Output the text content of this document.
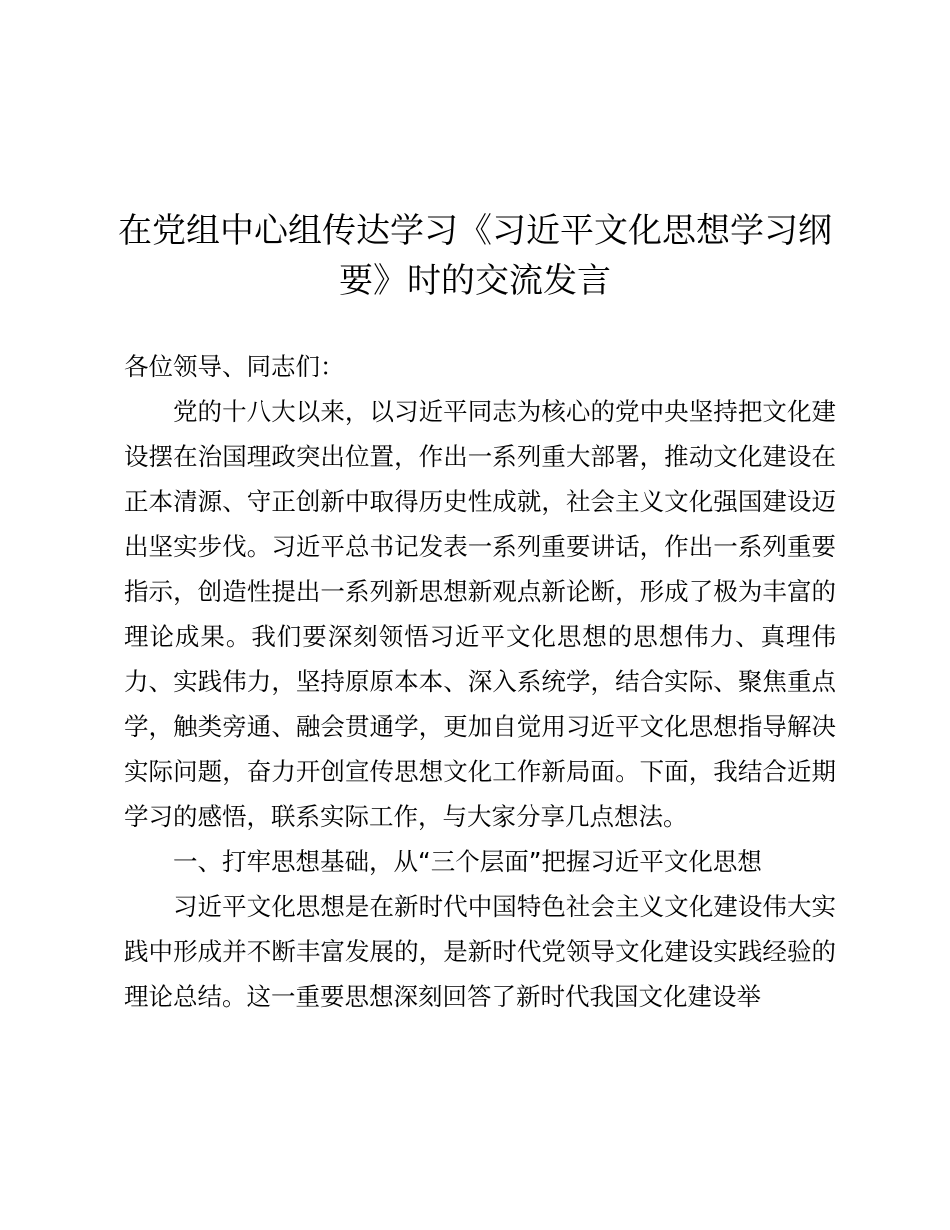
在党组中心组传达学习《习近平文化思想学习纲要》时的交流发言

各位领导、同志们：

党的十八大以来，以习近平同志为核心的党中央坚持把文化建设摆在治国理政突出位置，作出一系列重大部署，推动文化建设在正本清源、守正创新中取得历史性成就，社会主义文化强国建设迈出坚实步伐。习近平总书记发表一系列重要讲话，作出一系列重要指示，创造性提出一系列新思想新观点新论断，形成了极为丰富的理论成果。我们要深刻领悟习近平文化思想的思想伟力、真理伟力、实践伟力，坚持原原本本、深入系统学，结合实际、聚焦重点学，触类旁通、融会贯通学，更加自觉用习近平文化思想指导解决实际问题，奋力开创宣传思想文化工作新局面。下面，我结合近期学习的感悟，联系实际工作，与大家分享几点想法。

一、打牢思想基础，从“三个层面”把握习近平文化思想

习近平文化思想是在新时代中国特色社会主义文化建设伟大实践中形成并不断丰富发展的，是新时代党领导文化建设实践经验的理论总结。这一重要思想深刻回答了新时代我国文化建设举
